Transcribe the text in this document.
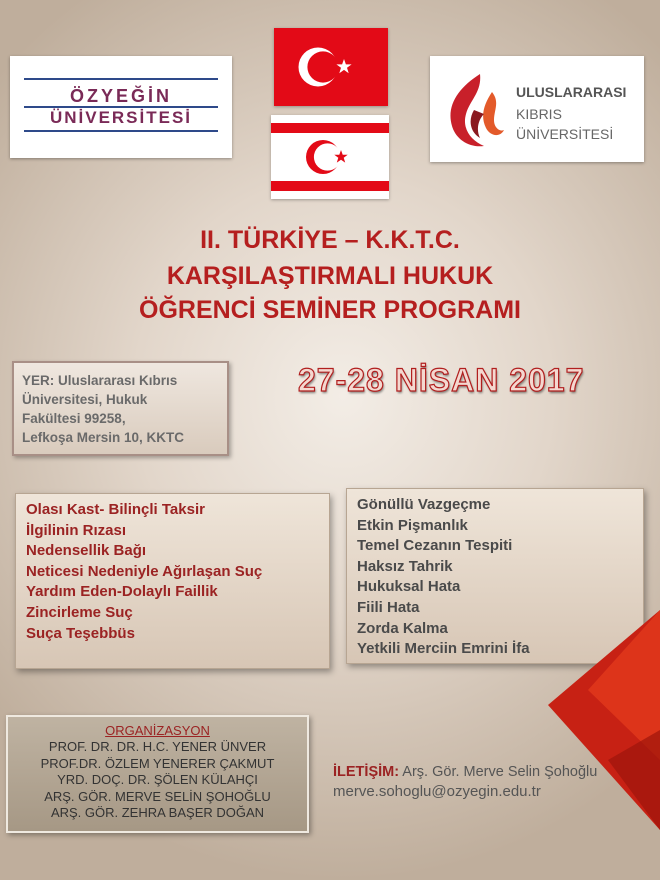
ÖZYEĞİN
ÜNİVERSİTESİ
ULUSLARARASI
KIBRIS
ÜNİVERSİTESİ
II. TÜRKİYE – K.K.T.C.
KARŞILAŞTIRMALI HUKUK
ÖĞRENCİ SEMİNER PROGRAMI
YER: Uluslararası Kıbrıs
Üniversitesi, Hukuk
Fakültesi 99258,
Lefkoşa Mersin 10, KKTC
27-28 NİSAN 2017
Olası Kast- Bilinçli Taksir
İlgilinin Rızası
Nedensellik Bağı
Neticesi Nedeniyle Ağırlaşan Suç
Yardım Eden-Dolaylı Faillik
Zincirleme Suç
Suça Teşebbüs
Gönüllü Vazgeçme
Etkin Pişmanlık
Temel Cezanın Tespiti
Haksız Tahrik
Hukuksal Hata
Fiili Hata
Zorda Kalma
Yetkili Merciin Emrini İfa
ORGANİZASYON
PROF. DR. DR. H.C. YENER ÜNVER
PROF.DR. ÖZLEM YENERER ÇAKMUT
YRD. DOÇ. DR. ŞÖLEN KÜLAHÇI
ARŞ. GÖR. MERVE SELİN ŞOHOĞLU
ARŞ. GÖR. ZEHRA BAŞER DOĞAN
İLETİŞİM: Arş. Gör. Merve Selin Şohoğlu
merve.sohoglu@ozyegin.edu.tr
